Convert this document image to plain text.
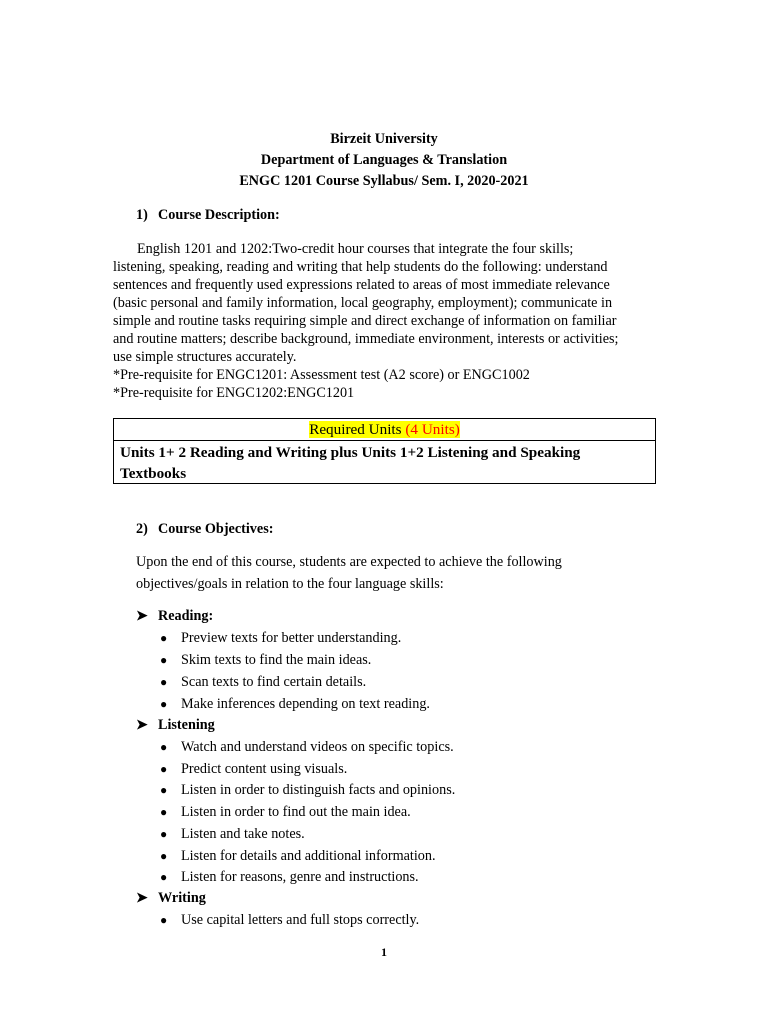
Birzeit University
Department of Languages & Translation
ENGC 1201 Course Syllabus/ Sem. I, 2020-2021
1) Course Description:
English 1201 and 1202:Two-credit hour courses that integrate the four skills;
listening, speaking, reading and writing that help students do the following: understand
sentences and frequently used expressions related to areas of most immediate relevance
(basic personal and family information, local geography, employment); communicate in
simple and routine tasks requiring simple and direct exchange of information on familiar
and routine matters; describe background, immediate environment, interests or activities;
use simple structures accurately.
*Pre-requisite for ENGC1201: Assessment test (A2 score) or ENGC1002
*Pre-requisite for ENGC1202:ENGC1201
Required Units (4 Units)
Units 1+ 2 Reading and Writing plus Units 1+2 Listening and Speaking Textbooks
2) Course Objectives:
Upon the end of this course, students are expected to achieve the following
objectives/goals in relation to the four language skills:
➤ Reading:
● Preview texts for better understanding.
● Skim texts to find the main ideas.
● Scan texts to find certain details.
● Make inferences depending on text reading.
➤ Listening
● Watch and understand videos on specific topics.
● Predict content using visuals.
● Listen in order to distinguish facts and opinions.
● Listen in order to find out the main idea.
● Listen and take notes.
● Listen for details and additional information.
● Listen for reasons, genre and instructions.
➤ Writing
● Use capital letters and full stops correctly.
1
